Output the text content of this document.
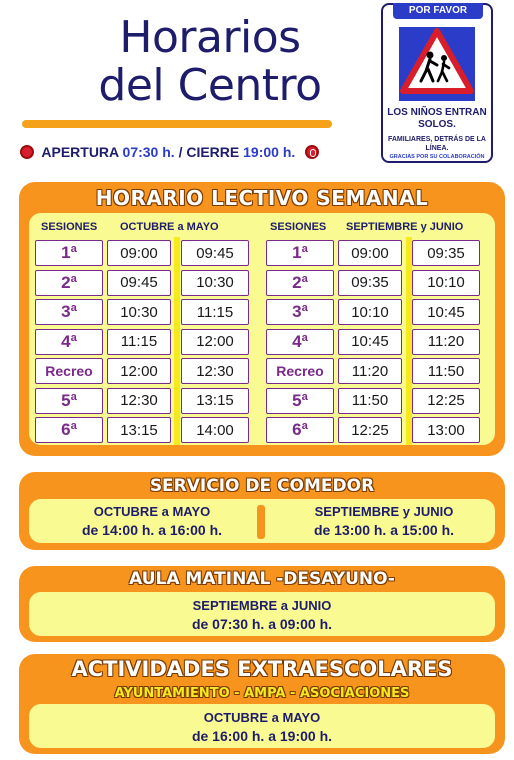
Horarios
del Centro
APERTURA 07:30 h. / CIERRE 19:00 h.
POR FAVOR
LOS NIÑOS ENTRAN SOLOS.
FAMILIARES, DETRÁS DE LA LÍNEA.
GRACIAS POR SU COLABORACIÓN
HORARIO LECTIVO SEMANAL
SESIONES OCTUBRE a MAYO	SESIONES SEPTIEMBRE y JUNIO
1ª	09:00	09:45
2ª	09:45	10:30
3ª	10:30	11:15
4ª	11:15	12:00
Recreo	12:00	12:30
5ª	12:30	13:15
6ª	13:15	14:00
1ª	09:00	09:35
2ª	09:35	10:10
3ª	10:10	10:45
4ª	10:45	11:20
Recreo	11:20	11:50
5ª	11:50	12:25
6ª	12:25	13:00
SERVICIO DE COMEDOR
OCTUBRE a MAYO
de 14:00 h. a 16:00 h.
SEPTIEMBRE y JUNIO
de 13:00 h. a 15:00 h.
AULA MATINAL -DESAYUNO-
SEPTIEMBRE a JUNIO
de 07:30 h. a 09:00 h.
ACTIVIDADES EXTRAESCOLARES
AYUNTAMIENTO - AMPA - ASOCIACIONES
OCTUBRE a MAYO
de 16:00 h. a 19:00 h.
